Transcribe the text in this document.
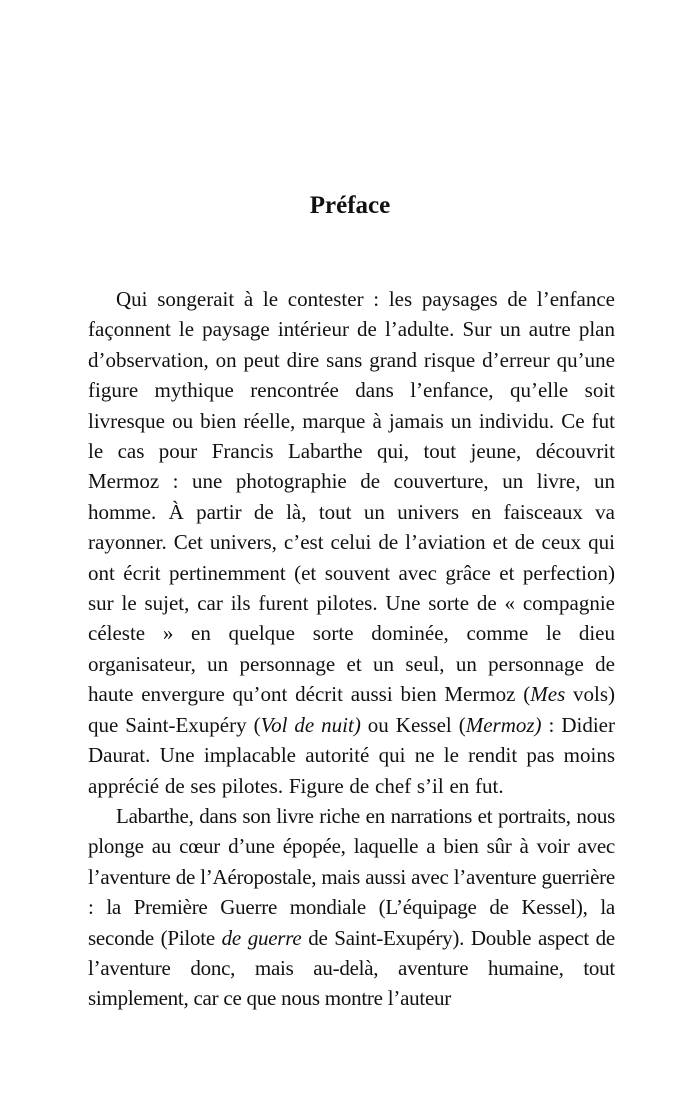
Préface

Qui songerait à le contester : les paysages de l’enfance façonnent le paysage intérieur de l’adulte. Sur un autre plan d’observation, on peut dire sans grand risque d’erreur qu’une figure mythique rencontrée dans l’enfance, qu’elle soit livresque ou bien réelle, marque à jamais un individu. Ce fut le cas pour Francis Labarthe qui, tout jeune, découvrit Mermoz : une photographie de couverture, un livre, un homme. À partir de là, tout un univers en faisceaux va rayonner. Cet univers, c’est celui de l’aviation et de ceux qui ont écrit pertinemment (et souvent avec grâce et perfection) sur le sujet, car ils furent pilotes. Une sorte de « compagnie céleste » en quelque sorte dominée, comme le dieu organisateur, un personnage et un seul, un personnage de haute envergure qu’ont décrit aussi bien Mermoz (Mes vols) que Saint-Exupéry (Vol de nuit) ou Kessel (Mermoz) : Didier Daurat. Une implacable autorité qui ne le rendit pas moins apprécié de ses pilotes. Figure de chef s’il en fut.

Labarthe, dans son livre riche en narrations et portraits, nous plonge au cœur d’une épopée, laquelle a bien sûr à voir avec l’aventure de l’Aéropostale, mais aussi avec l’aventure guerrière : la Première Guerre mondiale (L’équipage de Kessel), la seconde (Pilote de guerre de Saint-Exupéry). Double aspect de l’aventure donc, mais au-delà, aventure humaine, tout simplement, car ce que nous montre l’auteur
